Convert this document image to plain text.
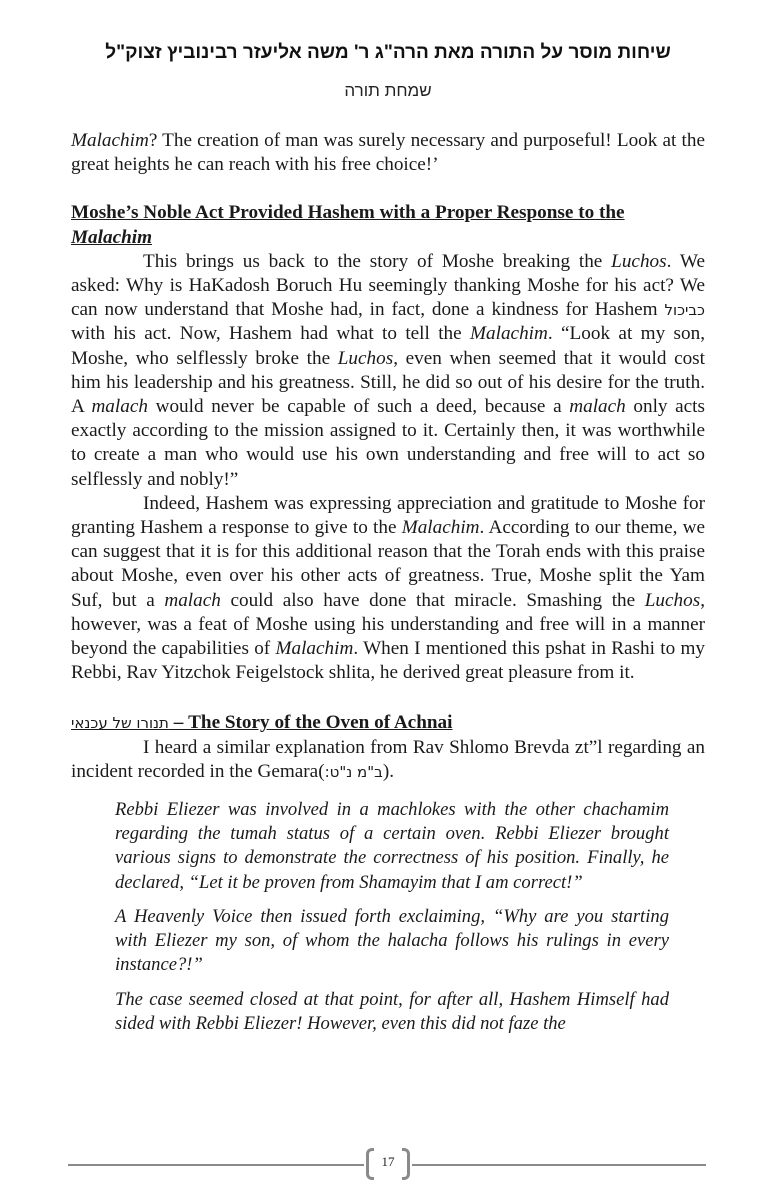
שיחות מוסר על התורה מאת הרה"ג ר' משה אליעזר רבינוביץ זצוק"ל
שמחת תורה

Malachim? The creation of man was surely necessary and purposeful! Look at the great heights he can reach with his free choice!’

Moshe’s Noble Act Provided Hashem with a Proper Response to the
Malachim

This brings us back to the story of Moshe breaking the Luchos. We asked: Why is HaKadosh Boruch Hu seemingly thanking Moshe for his act? We can now understand that Moshe had, in fact, done a kindness for Hashem כביכול with his act. Now, Hashem had what to tell the Malachim. “Look at my son, Moshe, who selflessly broke the Luchos, even when seemed that it would cost him his leadership and his greatness. Still, he did so out of his desire for the truth. A malach would never be capable of such a deed, because a malach only acts exactly according to the mission assigned to it. Certainly then, it was worthwhile to create a man who would use his own understanding and free will to act so selflessly and nobly!”

Indeed, Hashem was expressing appreciation and gratitude to Moshe for granting Hashem a response to give to the Malachim. According to our theme, we can suggest that it is for this additional reason that the Torah ends with this praise about Moshe, even over his other acts of greatness. True, Moshe split the Yam Suf, but a malach could also have done that miracle. Smashing the Luchos, however, was a feat of Moshe using his understanding and free will in a manner beyond the capabilities of Malachim. When I mentioned this pshat in Rashi to my Rebbi, Rav Yitzchok Feigelstock shlita, he derived great pleasure from it.

תנורו של עכנאי – The Story of the Oven of Achnai

I heard a similar explanation from Rav Shlomo Brevda zt”l regarding an incident recorded in the Gemara(ב"מ נ"ט:).

Rebbi Eliezer was involved in a machlokes with the other chachamim regarding the tumah status of a certain oven. Rebbi Eliezer brought various signs to demonstrate the correctness of his position. Finally, he declared, “Let it be proven from Shamayim that I am correct!”

A Heavenly Voice then issued forth exclaiming, “Why are you starting with Eliezer my son, of whom the halacha follows his rulings in every instance?!”

The case seemed closed at that point, for after all, Hashem Himself had sided with Rebbi Eliezer! However, even this did not faze the

17
